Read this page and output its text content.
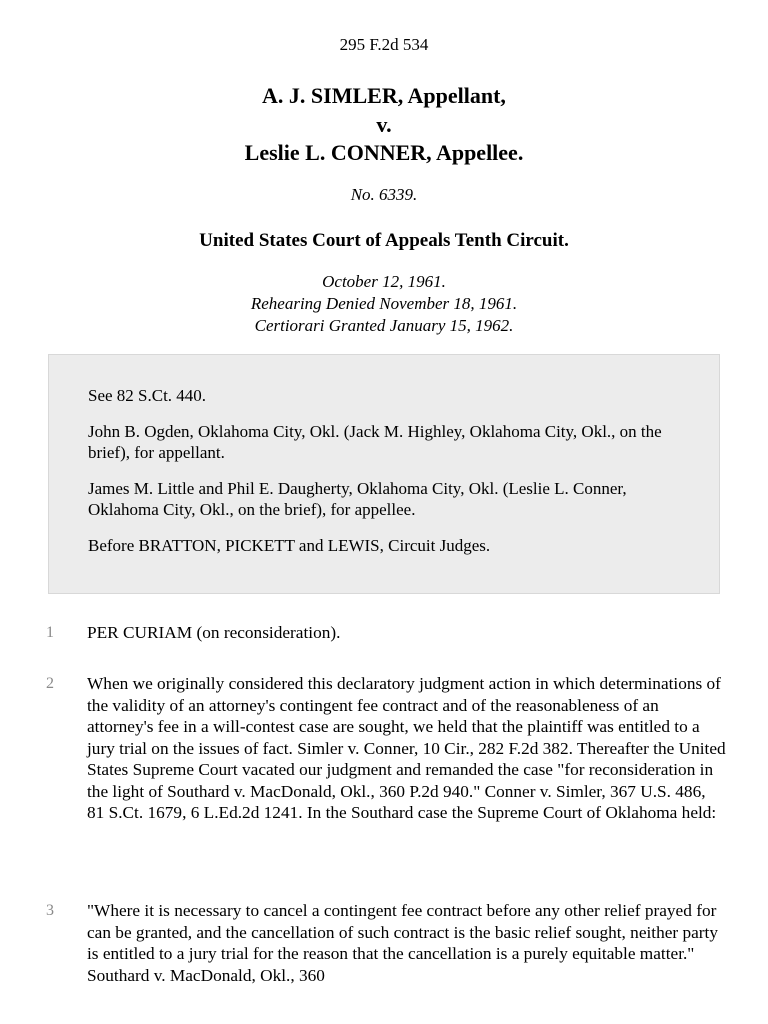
295 F.2d 534
A. J. SIMLER, Appellant,
v.
Leslie L. CONNER, Appellee.
No. 6339.
United States Court of Appeals Tenth Circuit.
October 12, 1961.
Rehearing Denied November 18, 1961.
Certiorari Granted January 15, 1962.

See 82 S.Ct. 440.

John B. Ogden, Oklahoma City, Okl. (Jack M. Highley, Oklahoma City, Okl., on the brief), for appellant.

James M. Little and Phil E. Daugherty, Oklahoma City, Okl. (Leslie L. Conner, Oklahoma City, Okl., on the brief), for appellee.

Before BRATTON, PICKETT and LEWIS, Circuit Judges.

1 PER CURIAM (on reconsideration).

2 When we originally considered this declaratory judgment action in which determinations of the validity of an attorney's contingent fee contract and of the reasonableness of an attorney's fee in a will-contest case are sought, we held that the plaintiff was entitled to a jury trial on the issues of fact. Simler v. Conner, 10 Cir., 282 F.2d 382. Thereafter the United States Supreme Court vacated our judgment and remanded the case "for reconsideration in the light of Southard v. MacDonald, Okl., 360 P.2d 940." Conner v. Simler, 367 U.S. 486, 81 S.Ct. 1679, 6 L.Ed.2d 1241. In the Southard case the Supreme Court of Oklahoma held:

3 "Where it is necessary to cancel a contingent fee contract before any other relief prayed for can be granted, and the cancellation of such contract is the basic relief sought, neither party is entitled to a jury trial for the reason that the cancellation is a purely equitable matter." Southard v. MacDonald, Okl., 360
